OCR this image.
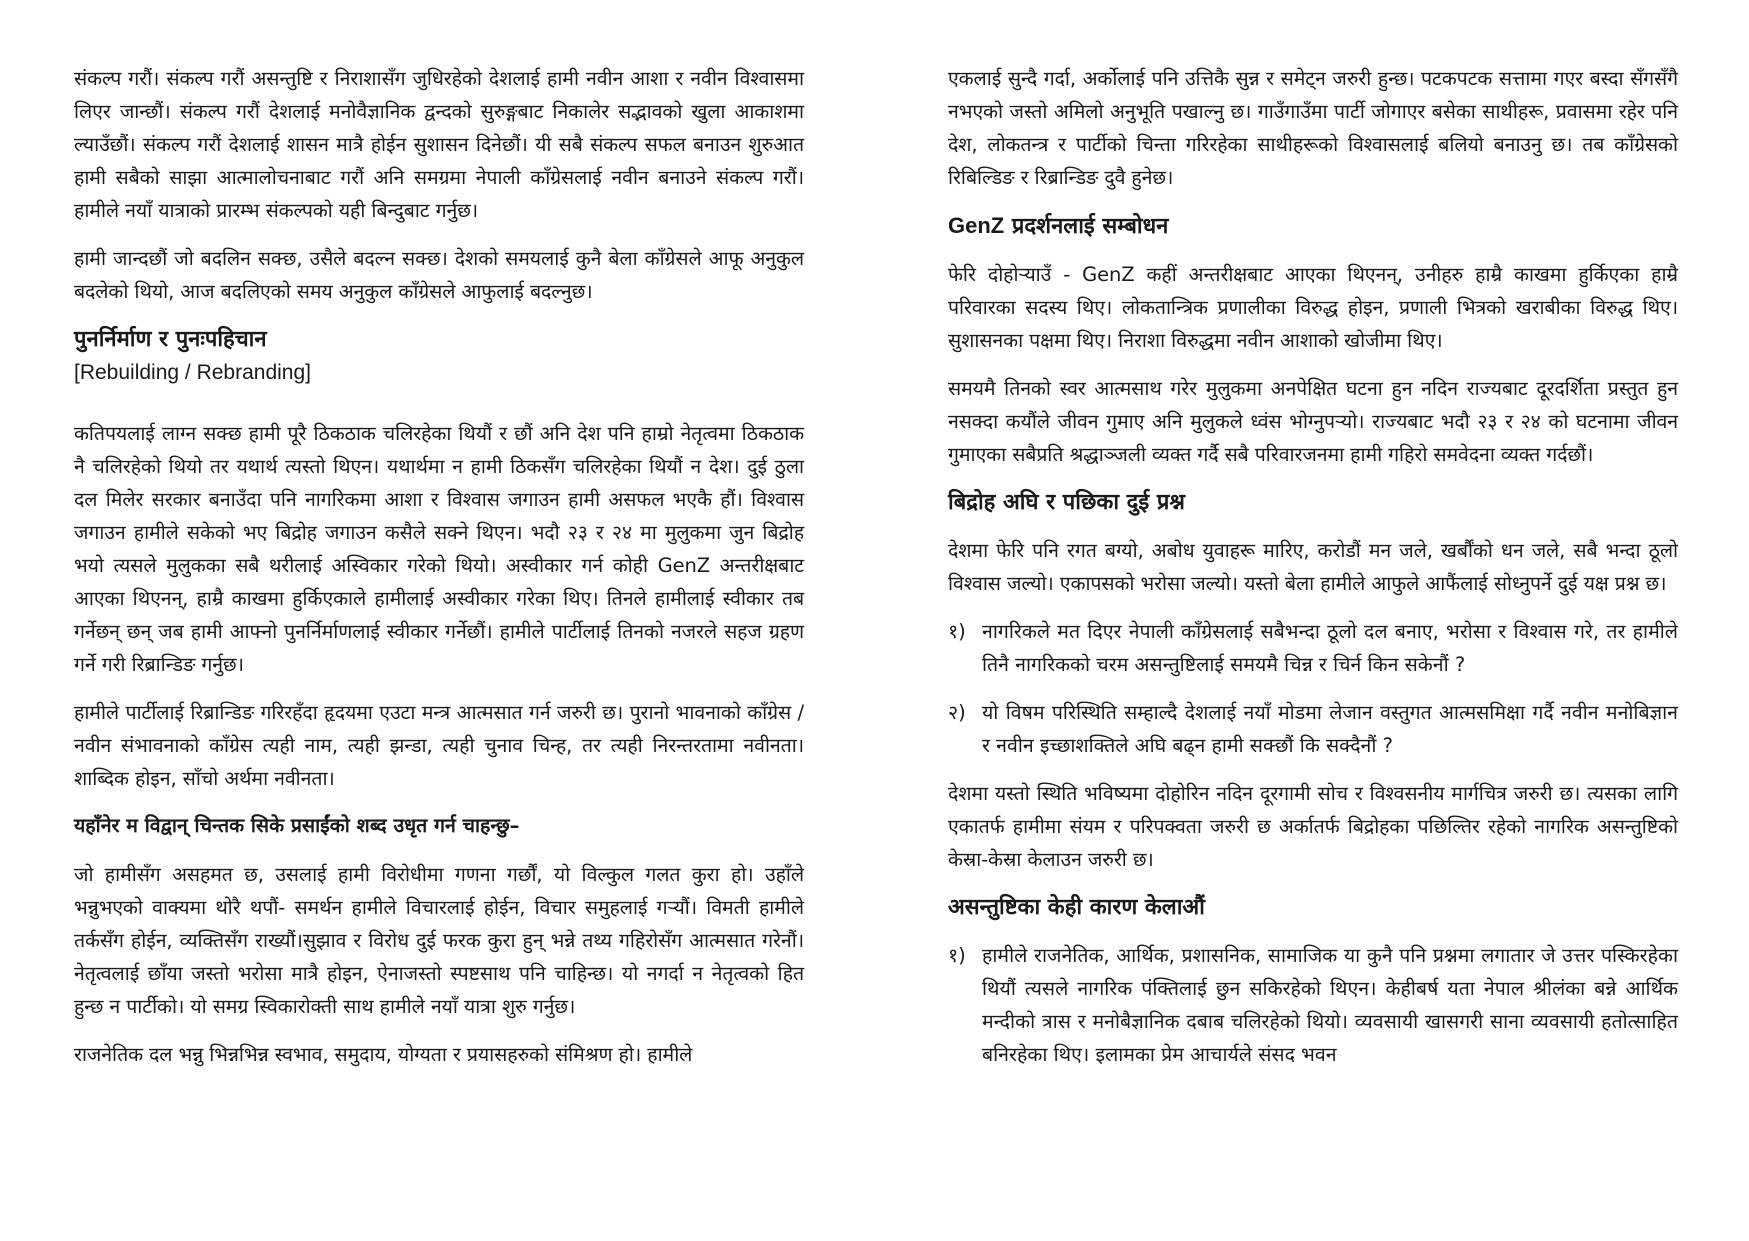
संकल्प गरौं। संकल्प गरौं असन्तुष्टि र निराशासँग जुधिरहेको देशलाई हामी नवीन आशा र नवीन विश्वासमा लिएर जान्छौं। संकल्प गरौं देशलाई मनोवैज्ञानिक द्वन्दको सुरुङ्गबाट निकालेर सद्भावको खुला आकाशमा ल्याउँछौं। संकल्प गरौं देशलाई शासन मात्रै होईन सुशासन दिनेछौं। यी सबै संकल्प सफल बनाउन शुरुआत हामी सबैको साझा आत्मालोचनाबाट गरौं अनि समग्रमा नेपाली काँग्रेसलाई नवीन बनाउने संकल्प गरौं। हामीले नयाँ यात्राको प्रारम्भ संकल्पको यही बिन्दुबाट गर्नुछ।

हामी जान्दछौं जो बदलिन सक्छ, उसैले बदल्न सक्छ। देशको समयलाई कुनै बेला काँग्रेसले आफू अनुकुल बदलेको थियो, आज बदलिएको समय अनुकुल काँग्रेसले आफुलाई बदल्नुछ।

पुनर्निर्माण र पुनःपहिचान
[Rebuilding / Rebranding]

कतिपयलाई लाग्न सक्छ हामी पूरै ठिकठाक चलिरहेका थियौं र छौं अनि देश पनि हाम्रो नेतृत्वमा ठिकठाक नै चलिरहेको थियो तर यथार्थ त्यस्तो थिएन। यथार्थमा न हामी ठिकसँग चलिरहेका थियौं न देश। दुई ठुला दल मिलेर सरकार बनाउँदा पनि नागरिकमा आशा र विश्वास जगाउन हामी असफल भएकै हौं। विश्वास जगाउन हामीले सकेको भए बिद्रोह जगाउन कसैले सक्ने थिएन। भदौ २३ र २४ मा मुलुकमा जुन बिद्रोह भयो त्यसले मुलुकका सबै थरीलाई अस्विकार गरेको थियो। अस्वीकार गर्न कोही GenZ अन्तरीक्षबाट आएका थिएनन्, हाम्रै काखमा हुर्किएकाले हामीलाई अस्वीकार गरेका थिए। तिनले हामीलाई स्वीकार तब गर्नेछन् छन् जब हामी आफ्नो पुनर्निर्माणलाई स्वीकार गर्नेछौं। हामीले पार्टीलाई तिनको नजरले सहज ग्रहण गर्ने गरी रिब्रान्डिङ गर्नुछ।

हामीले पार्टीलाई रिब्रान्डिङ गरिरहँदा हृदयमा एउटा मन्त्र आत्मसात गर्न जरुरी छ। पुरानो भावनाको काँग्रेस / नवीन संभावनाको काँग्रेस त्यही नाम, त्यही झन्डा, त्यही चुनाव चिन्ह, तर त्यही निरन्तरतामा नवीनता। शाब्दिक होइन, साँचो अर्थमा नवीनता।

यहाँनेर म विद्वान् चिन्तक सिके प्रसाईंको शब्द उधृत गर्न चाहन्छु–

जो हामीसँग असहमत छ, उसलाई हामी विरोधीमा गणना गर्छौं, यो विल्कुल गलत कुरा हो। उहाँले भन्नुभएको वाक्यमा थोरै थपौं- समर्थन हामीले विचारलाई होईन, विचार समुहलाई गर्‍यौं। विमती हामीले तर्कसँग होईन, व्यक्तिसँग राख्यौं।सुझाव र विरोध दुई फरक कुरा हुन् भन्ने तथ्य गहिरोसँग आत्मसात गरेनौं। नेतृत्वलाई छाँया जस्तो भरोसा मात्रै होइन, ऐनाजस्तो स्पष्टसाथ पनि चाहिन्छ। यो नगर्दा न नेतृत्वको हित हुन्छ न पार्टीको। यो समग्र स्विकारोक्ती साथ हामीले नयाँ यात्रा शुरु गर्नुछ।

राजनेतिक दल भन्नु भिन्नभिन्न स्वभाव, समुदाय, योग्यता र प्रयासहरुको संमिश्रण हो। हामीले

एकलाई सुन्दै गर्दा, अर्कोलाई पनि उत्तिकै सुन्न र समेट्न जरुरी हुन्छ। पटकपटक सत्तामा गएर बस्दा सँगसँगै नभएको जस्तो अमिलो अनुभूति पखाल्नु छ। गाउँगाउँमा पार्टी जोगाएर बसेका साथीहरू, प्रवासमा रहेर पनि देश, लोकतन्त्र र पार्टीको चिन्ता गरिरहेका साथीहरूको विश्वासलाई बलियो बनाउनु छ। तब काँग्रेसको रिबिल्डिङ र रिब्रान्डिङ दुवै हुनेछ।

GenZ प्रदर्शनलाई सम्बोधन

फेरि दोहोर्‍याउँ - GenZ कहीं अन्तरीक्षबाट आएका थिएनन्, उनीहरु हाम्रै काखमा हुर्किएका हाम्रै परिवारका सदस्य थिए। लोकतान्त्रिक प्रणालीका विरुद्ध होइन, प्रणाली भित्रको खराबीका विरुद्ध थिए। सुशासनका पक्षमा थिए। निराशा विरुद्धमा नवीन आशाको खोजीमा थिए।

समयमै तिनको स्वर आत्मसाथ गरेर मुलुकमा अनपेक्षित घटना हुन नदिन राज्यबाट दूरदर्शिता प्रस्तुत हुन नसक्दा कयौंले जीवन गुमाए अनि मुलुकले ध्वंस भोग्नुपर्‍यो। राज्यबाट भदौ २३ र २४ को घटनामा जीवन गुमाएका सबैप्रति श्रद्धाञ्जली व्यक्त गर्दै सबै परिवारजनमा हामी गहिरो समवेदना व्यक्त गर्दछौं।

बिद्रोह अघि र पछिका दुई प्रश्न

देशमा फेरि पनि रगत बग्यो, अबोध युवाहरू मारिए, करोडौं मन जले, खर्बौंको धन जले, सबै भन्दा ठूलो विश्वास जल्यो। एकापसको भरोसा जल्यो। यस्तो बेला हामीले आफुले आफैंलाई सोध्नुपर्ने दुई यक्ष प्रश्न छ।

१) नागरिकले मत दिएर नेपाली काँग्रेसलाई सबैभन्दा ठूलो दल बनाए, भरोसा र विश्वास गरे, तर हामीले तिनै नागरिकको चरम असन्तुष्टिलाई समयमै चिन्न र चिर्न किन सकेनौं ?
२) यो विषम परिस्थिति सम्हाल्दै देशलाई नयाँ मोडमा लेजान वस्तुगत आत्मसमिक्षा गर्दै नवीन मनोबिज्ञान र नवीन इच्छाशक्तिले अघि बढ्न हामी सक्छौं कि सक्दैनौं ?

देशमा यस्तो स्थिति भविष्यमा दोहोरिन नदिन दूरगामी सोच र विश्वसनीय मार्गचित्र जरुरी छ। त्यसका लागि एकातर्फ हामीमा संयम र परिपक्वता जरुरी छ अर्कातर्फ बिद्रोहका पछिल्तिर रहेको नागरिक असन्तुष्टिको केस्रा-केस्रा केलाउन जरुरी छ।

असन्तुष्टिका केही कारण केलाऔं
१) हामीले राजनेतिक, आर्थिक, प्रशासनिक, सामाजिक या कुनै पनि प्रश्नमा लगातार जे उत्तर पस्किरहेका थियौं त्यसले नागरिक पंक्तिलाई छुन सकिरहेको थिएन। केहीबर्ष यता नेपाल श्रीलंका बन्ने आर्थिक मन्दीको त्रास र मनोबैज्ञानिक दबाब चलिरहेको थियो। व्यवसायी खासगरी साना व्यवसायी हतोत्साहित बनिरहेका थिए। इलामका प्रेम आचार्यले संसद भवन
